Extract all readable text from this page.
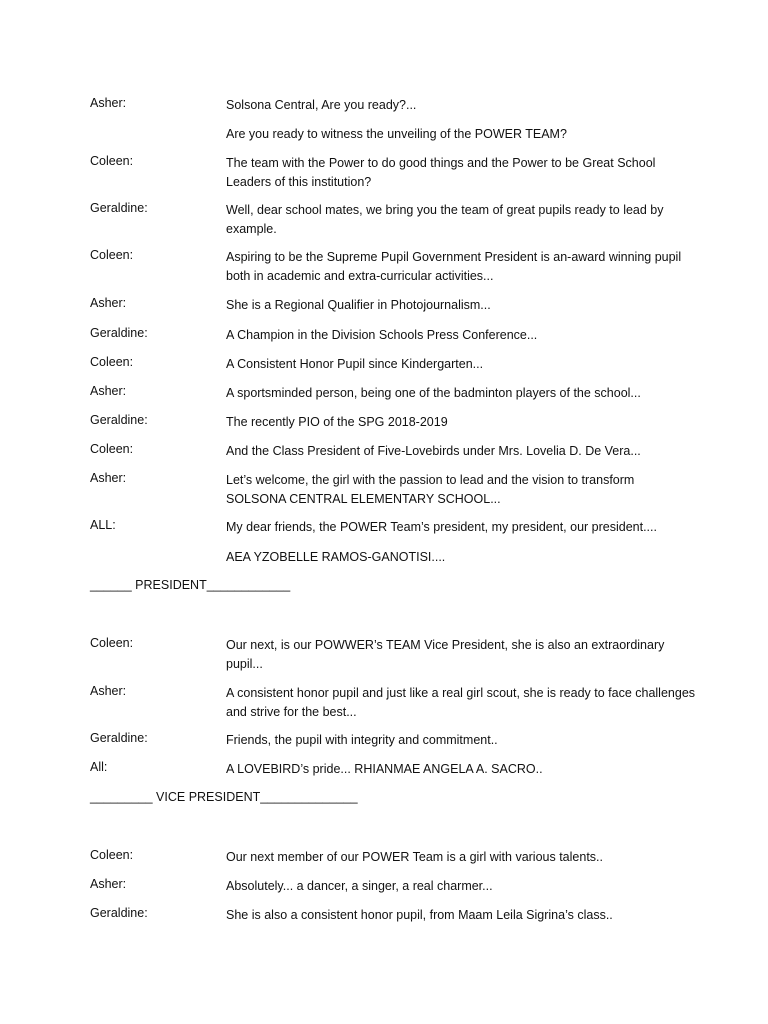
Asher:	Solsona Central, Are you ready?...
Are you ready to witness the unveiling of the POWER TEAM?
Coleen:	The team with the Power to do good things and the Power to be Great School Leaders of this institution?
Geraldine:	Well, dear school mates, we bring you the team of great pupils ready to lead by example.
Coleen:	Aspiring to be the Supreme Pupil Government President is an-award winning pupil both in academic and extra-curricular activities...
Asher:	She is a Regional Qualifier in Photojournalism...
Geraldine:	A Champion in the Division Schools Press Conference...
Coleen:	A Consistent Honor Pupil since Kindergarten...
Asher:	A sportsminded person, being one of the badminton players of the school...
Geraldine:	The recently PIO of the SPG 2018-2019
Coleen:	And the Class President of Five-Lovebirds under Mrs. Lovelia D. De Vera...
Asher:	Let’s welcome, the girl with the passion to lead and the vision to transform SOLSONA CENTRAL ELEMENTARY SCHOOL...
ALL:	My dear friends, the POWER Team’s president, my president, our president....
AEA YZOBELLE RAMOS-GANOTISI....
______ PRESIDENT____________
Coleen:	Our next, is our POWWER’s TEAM Vice President, she is also an extraordinary pupil...
Asher:	A consistent honor pupil and just like a real girl scout, she is ready to face challenges and strive for the best...
Geraldine:	Friends, the pupil with integrity and commitment..
All:	A LOVEBIRD’s pride... RHIANMAE ANGELA A. SACRO..
_________ VICE PRESIDENT______________
Coleen:	Our next member of our POWER Team is a girl with various talents..
Asher:	Absolutely... a dancer, a singer, a real charmer...
Geraldine:	She is also a consistent honor pupil, from Maam Leila Sigrina’s class..
